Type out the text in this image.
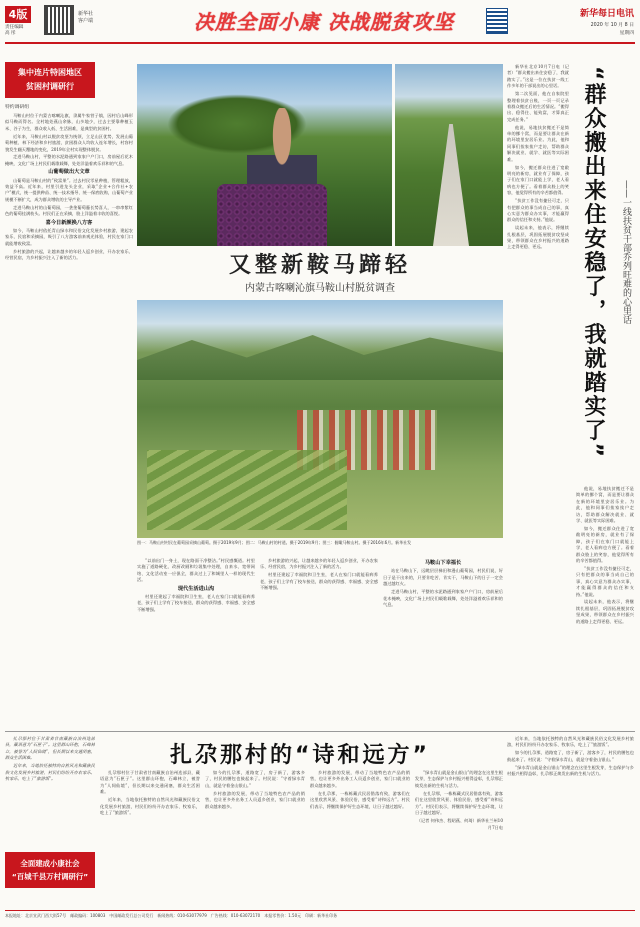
4版
责任编辑
高 彤
新华社
客户端	决胜全面小康 决战脱贫攻坚	新华每日电讯
2020 年 10 月 8 日
星期四
集中连片特困地区
贫困村调研行
特约调研组

马鞍山村位于内蒙古喀喇沁旗，隶属牛家营子镇，因村后山峰形似马鞍而得名。全村地处燕山余脉，山多地少，过去主要靠种植玉米、谷子为生，群众收入低、生活困难，是典型的贫困村。

近年来，马鞍山村以脱贫攻坚为统领，立足山区优势，发展山葡萄种植、林下经济和乡村旅游，贫困群众人均收入连年增长，村容村貌发生翻天覆地的变化，2019年全村实现整体脱贫。

走进马鞍山村，平整的水泥路通到家家户户门口，房前屋后花木掩映，文化广场上村民们载歌载舞，处处洋溢着欢乐祥和的气息。

山葡萄做出大文章

山葡萄是马鞍山村的“致富果”。过去村民零星种植，管理粗放，效益不高。近年来，村里引进龙头企业，采取“企业+合作社+农户”模式，统一提供种苗、统一技术指导、统一保底收购，山葡萄产业规模不断扩大，成为群众增收的主导产业。

走进马鞍山村的山葡萄园，一垄垄葡萄藤长势喜人，一串串紫红色的葡萄挂满枝头。村民们正在采摘，脸上洋溢着丰收的喜悦。

喜今日新颜换八方客

如今，马鞍山村依托青山绿水和民俗文化发展乡村旅游，建起农家乐、民宿和采摘园，吸引了八方游客前来观光体验，村民在家门口就能增收致富。

乡村旅游的兴起，让越来越多的年轻人返乡创业，开办农家乐、经营民宿，为乡村振兴注入了新的活力。	又整新鞍马蹄轻
内蒙古喀喇沁旗马鞍山村脱贫调查
图一：马鞍山村村民在葡萄园采摘山葡萄。摄于2019年9月；图二：马鞍山村的村道。摄于2019年9月；图三：俯瞰马鞍山村。摄于2016年6月。新华社发

“以前出门一身土，现在路面干净整洁。”村民感慨道。村里实施了道路硬化、改厨改厕和垃圾集中处理，自来水、宽带网络、文化活动室一应俱全，群众过上了和城里人一样的现代生活。

现代生活进山沟

村里还建起了幸福院和卫生室，老人在家门口就能看病养老，孩子们上学有了校车接送，群众的获得感、幸福感、安全感不断增强。

乡村旅游的兴起，让越来越多的年轻人返乡创业，开办农家乐、经营民宿，为乡村振兴注入了新的活力。

村里还建起了幸福院和卫生室，老人在家门口就能看病养老，孩子们上学有了校车接送，群众的获得感、幸福感、安全感不断增强。

马鞍山下幸福长

站在马鞍山下，远眺层层梯田和漫山葡萄园，村民们说，好日子是干出来的，只要肯吃苦、肯实干，马鞍山下的日子一定会越过越红火。

走进马鞍山村，平整的水泥路通到家家户户门口，房前屋后花木掩映，文化广场上村民们载歌载舞，处处洋溢着欢乐祥和的气息。

新华社北京10月7日电（记者）“群众搬出来住安稳了，我就踏实了。”这是一位在扶贫一线工作多年的干部说出的心里话。

第二次见面，他在自家院里整理着扶贫台账，一页一页记录着群众搬迁后的生活情况。“搬得出、稳得住、能致富，才算真正完成任务。”

他说，易地扶贫搬迁不是简单的挪个窝，而是要让群众在新的环境里安居乐业。为此，他和同事们挨家挨户走访，帮助群众解决就业、就学、就医等实际困难。

如今，搬迁群众住进了宽敞明亮的新房，就业有了保障，孩子们在家门口就能上学，老人看病也方便了。看着群众脸上的笑容，他觉得所有的辛苦都值得。

“扶贫工作没有捷径可走，只有把群众的事当成自己的事，真心实意为群众办实事，才能赢得群众的信任和支持。”他说。

谈起未来，他表示，将继续扎根基层，巩固拓展脱贫攻坚成果，带领群众在乡村振兴的道路上走得更稳、更远。	“群众搬出来住安稳了，我就踏实了”	——一线扶贫干部乔列旺难的心里话

他说，易地扶贫搬迁不是简单的挪个窝，而是要让群众在新的环境里安居乐业。为此，他和同事们挨家挨户走访，帮助群众解决就业、就学、就医等实际困难。

如今，搬迁群众住进了宽敞明亮的新房，就业有了保障，孩子们在家门口就能上学，老人看病也方便了。看着群众脸上的笑容，他觉得所有的辛苦都值得。

“扶贫工作没有捷径可走，只有把群众的事当成自己的事，真心实意为群众办实事，才能赢得群众的信任和支持。”他说。

谈起未来，他表示，将继续扎根基层，巩固拓展脱贫攻坚成果，带领群众在乡村振兴的道路上走得更稳、更远。

扎尕那村位于甘肃省甘南藏族自治州迭部县，藏语意为“石匣子”。这里群山环抱，石峰林立，被誉为“人间仙境”，但长期以来交通闭塞，群众生活困难。

近年来，当地依托独特的自然风光和藏族民俗文化发展乡村旅游，村民们纷纷开办农家乐、牧家乐，吃上了“旅游饭”。

扎尕那村的“诗和远方”

扎尕那村位于甘肃省甘南藏族自治州迭部县，藏语意为“石匣子”。这里群山环抱，石峰林立，被誉为“人间仙境”，但长期以来交通闭塞，群众生活困难。

近年来，当地依托独特的自然风光和藏族民俗文化发展乡村旅游，村民们纷纷开办农家乐、牧家乐，吃上了“旅游饭”。

如今的扎尕那，道路宽了，房子新了，游客多了，村民的腰包也鼓起来了。村民说：“守着绿水青山，就是守着金山银山。”

乡村旅游的发展，带动了当地特色农产品的销售，也让更多外出务工人员返乡创业，家门口就业的群众越来越多。

乡村旅游的发展，带动了当地特色农产品的销售，也让更多外出务工人员返乡创业，家门口就业的群众越来越多。

在扎尕那，一栋栋藏式民居错落有致，游客们在这里欣赏风景、体验民俗，感受着“诗和远方”。村民们表示，将继续保护好生态环境，让日子越过越好。

“绿水青山就是金山银山”的理念在这里生根发芽，生态保护与乡村振兴相得益彰，扎尕那正焕发出新的生机与活力。

在扎尕那，一栋栋藏式民居错落有致，游客们在这里欣赏风景、体验民俗，感受着“诗和远方”。村民们表示，将继续保护好生态环境，让日子越过越好。

（记者 何伟杰、程昭燕、何琦）新华社兰州10月7日电

近年来，当地依托独特的自然风光和藏族民俗文化发展乡村旅游，村民们纷纷开办农家乐、牧家乐，吃上了“旅游饭”。

如今的扎尕那，道路宽了，房子新了，游客多了，村民的腰包也鼓起来了。村民说：“守着绿水青山，就是守着金山银山。”

“绿水青山就是金山银山”的理念在这里生根发芽，生态保护与乡村振兴相得益彰，扎尕那正焕发出新的生机与活力。

全面建成小康社会
“百城千县万村调研行”
本报地址：北京宣武门西大街57号　邮政编码：100803　中国邮政发行总公司发行　新闻热线：010-63077979　广告热线：010-63072170　本报零售价：1.50元　印刷：新华社印务
